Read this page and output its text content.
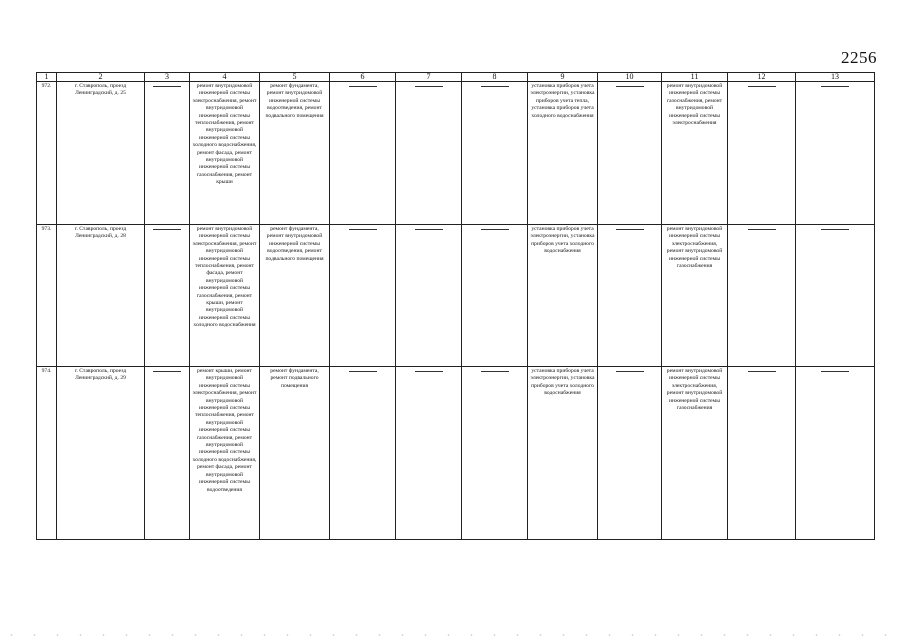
2256
1	2	3	4	5	6	7	8	9	10	11	12	13
972.	г. Ставрополь, проезд Ленинградский, д. 25		ремонт внутридомовой инженерной системы электроснабжения, ремонт внутридомовой инженерной системы теплоснабжения, ремонт внутридомовой инженерной системы холодного водоснабжения, ремонт фасада, ремонт внутридомовой инженерной системы газоснабжения, ремонт крыши	ремонт фундамента, ремонт внутридомовой инженерной системы водоотведения, ремонт подвального помещения				установка приборов учета электроэнергии, установка приборов учета тепла, установка приборов учета холодного водоснабжения		ремонт внутридомовой инженерной системы газоснабжения, ремонт внутридомовой инженерной системы электроснабжения		
973.	г. Ставрополь, проезд Ленинградский, д. 28		ремонт внутридомовой инженерной системы электроснабжения, ремонт внутридомовой инженерной системы теплоснабжения, ремонт фасада, ремонт внутридомовой инженерной системы газоснабжения, ремонт крыши, ремонт внутридомовой инженерной системы холодного водоснабжения	ремонт фундамента, ремонт внутридомовой инженерной системы водоотведения, ремонт подвального помещения				установка приборов учета электроэнергии, установка приборов учета холодного водоснабжения		ремонт внутридомовой инженерной системы электроснабжения, ремонт внутридомовой инженерной системы газоснабжения		
974.	г. Ставрополь, проезд Ленинградский, д. 29		ремонт крыши, ремонт внутридомовой инженерной системы электроснабжения, ремонт внутридомовой инженерной системы теплоснабжения, ремонт внутридомовой инженерной системы газоснабжения, ремонт внутридомовой инженерной системы холодного водоснабжения, ремонт фасада, ремонт внутридомовой инженерной системы водоотведения	ремонт фундамента, ремонт подвального помещения				установка приборов учета электроэнергии, установка приборов учета холодного водоснабжения		ремонт внутридомовой инженерной системы электроснабжения, ремонт внутридомовой инженерной системы газоснабжения		
